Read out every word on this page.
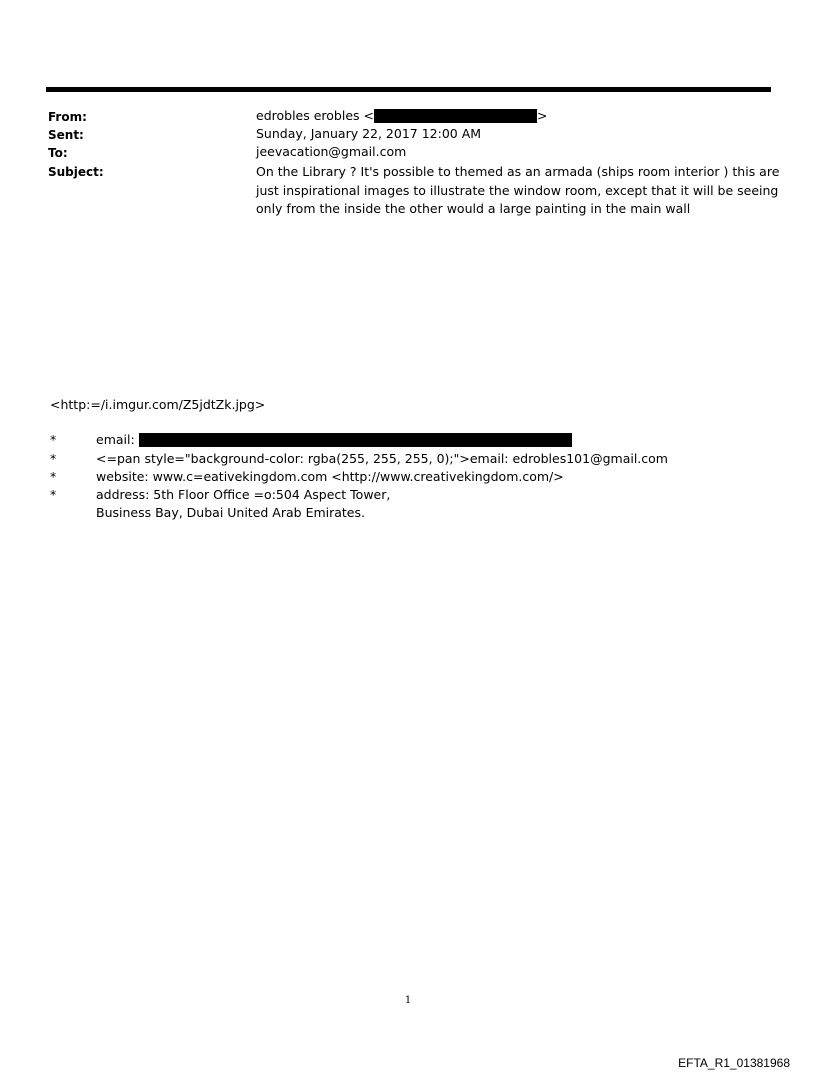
From:	edrobles erobles <	>
Sent:	Sunday, January 22, 2017 12:00 AM
To:	jeevacation@gmail.com
Subject:	On the Library ? It's possible to themed as an armada (ships room interior ) this are
just inspirational images to illustrate the window room, except that it will be seeing
only from the inside the other would a large painting in the main wall
<http:=/i.imgur.com/Z5jdtZk.jpg>
*	email:
*	<=pan style="background-color: rgba(255, 255, 255, 0);">email: edrobles101@gmail.com
*	website: www.c=eativekingdom.com <http://www.creativekingdom.com/>
*	address: 5th Floor Office =o:504 Aspect Tower,
Business Bay, Dubai United Arab Emirates.
1
EFTA_R1_01381968
